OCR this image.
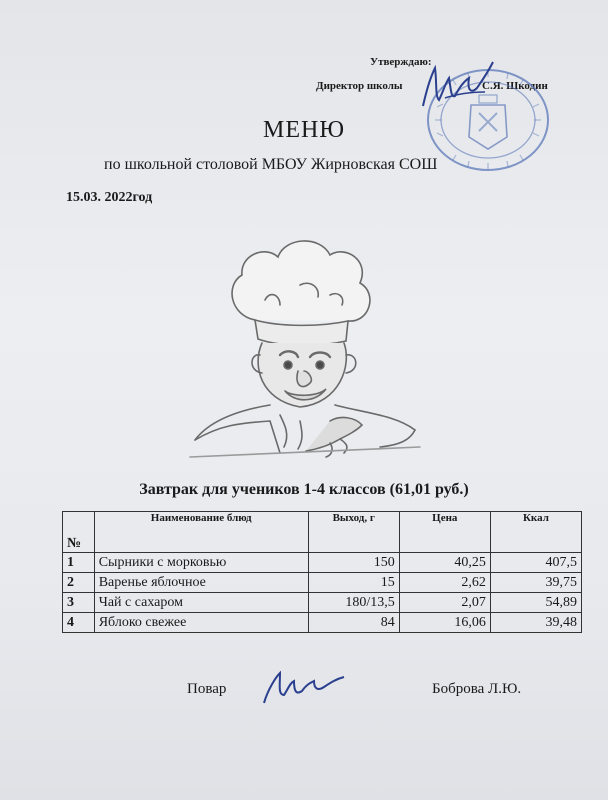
Утверждаю:
Директор школы	С.Я. Шкодин
МЕНЮ
по школьной столовой МБОУ Жирновская СОШ
15.03. 2022год
Завтрак для учеников 1-4 классов (61,01 руб.)
№	Наименование блюд	Выход, г	Цена	Ккал
1	Сырники с морковью	150	40,25	407,5
2	Варенье яблочное	15	2,62	39,75
3	Чай с сахаром	180/13,5	2,07	54,89
4	Яблоко свежее	84	16,06	39,48
Повар	Боброва Л.Ю.
